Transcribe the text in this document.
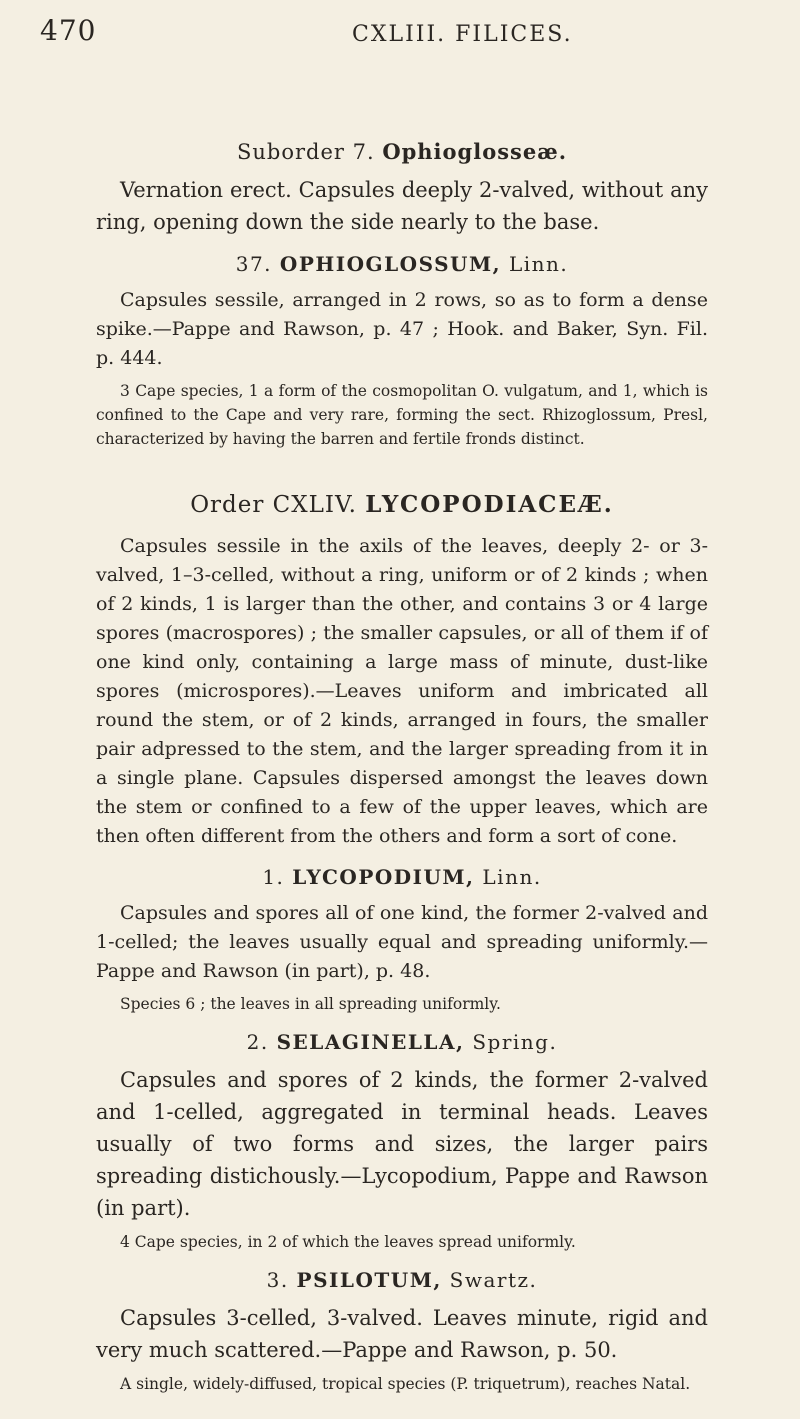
470	CXLIII. FILICES.

Suborder 7. Ophioglosseæ.

Vernation erect. Capsules deeply 2-valved, without any ring, opening down the side nearly to the base.

37. OPHIOGLOSSUM, Linn.

Capsules sessile, arranged in 2 rows, so as to form a dense spike.—Pappe and Rawson, p. 47 ; Hook. and Baker, Syn. Fil. p. 444.

3 Cape species, 1 a form of the cosmopolitan O. vulgatum, and 1, which is confined to the Cape and very rare, forming the sect. Rhizoglossum, Presl, characterized by having the barren and fertile fronds distinct.

Order CXLIV. LYCOPODIACEÆ.

Capsules sessile in the axils of the leaves, deeply 2- or 3-valved, 1–3-celled, without a ring, uniform or of 2 kinds ; when of 2 kinds, 1 is larger than the other, and contains 3 or 4 large spores (macrospores) ; the smaller capsules, or all of them if of one kind only, containing a large mass of minute, dust-like spores (microspores).—Leaves uniform and imbricated all round the stem, or of 2 kinds, arranged in fours, the smaller pair adpressed to the stem, and the larger spreading from it in a single plane. Capsules dispersed amongst the leaves down the stem or confined to a few of the upper leaves, which are then often different from the others and form a sort of cone.

1. LYCOPODIUM, Linn.

Capsules and spores all of one kind, the former 2-valved and 1-celled; the leaves usually equal and spreading uniformly.—Pappe and Rawson (in part), p. 48.

Species 6 ; the leaves in all spreading uniformly.

2. SELAGINELLA, Spring.

Capsules and spores of 2 kinds, the former 2-valved and 1-celled, aggregated in terminal heads. Leaves usually of two forms and sizes, the larger pairs spreading distichously.—Lycopodium, Pappe and Rawson (in part).

4 Cape species, in 2 of which the leaves spread uniformly.

3. PSILOTUM, Swartz.

Capsules 3-celled, 3-valved. Leaves minute, rigid and very much scattered.—Pappe and Rawson, p. 50.

A single, widely-diffused, tropical species (P. triquetrum), reaches Natal.
